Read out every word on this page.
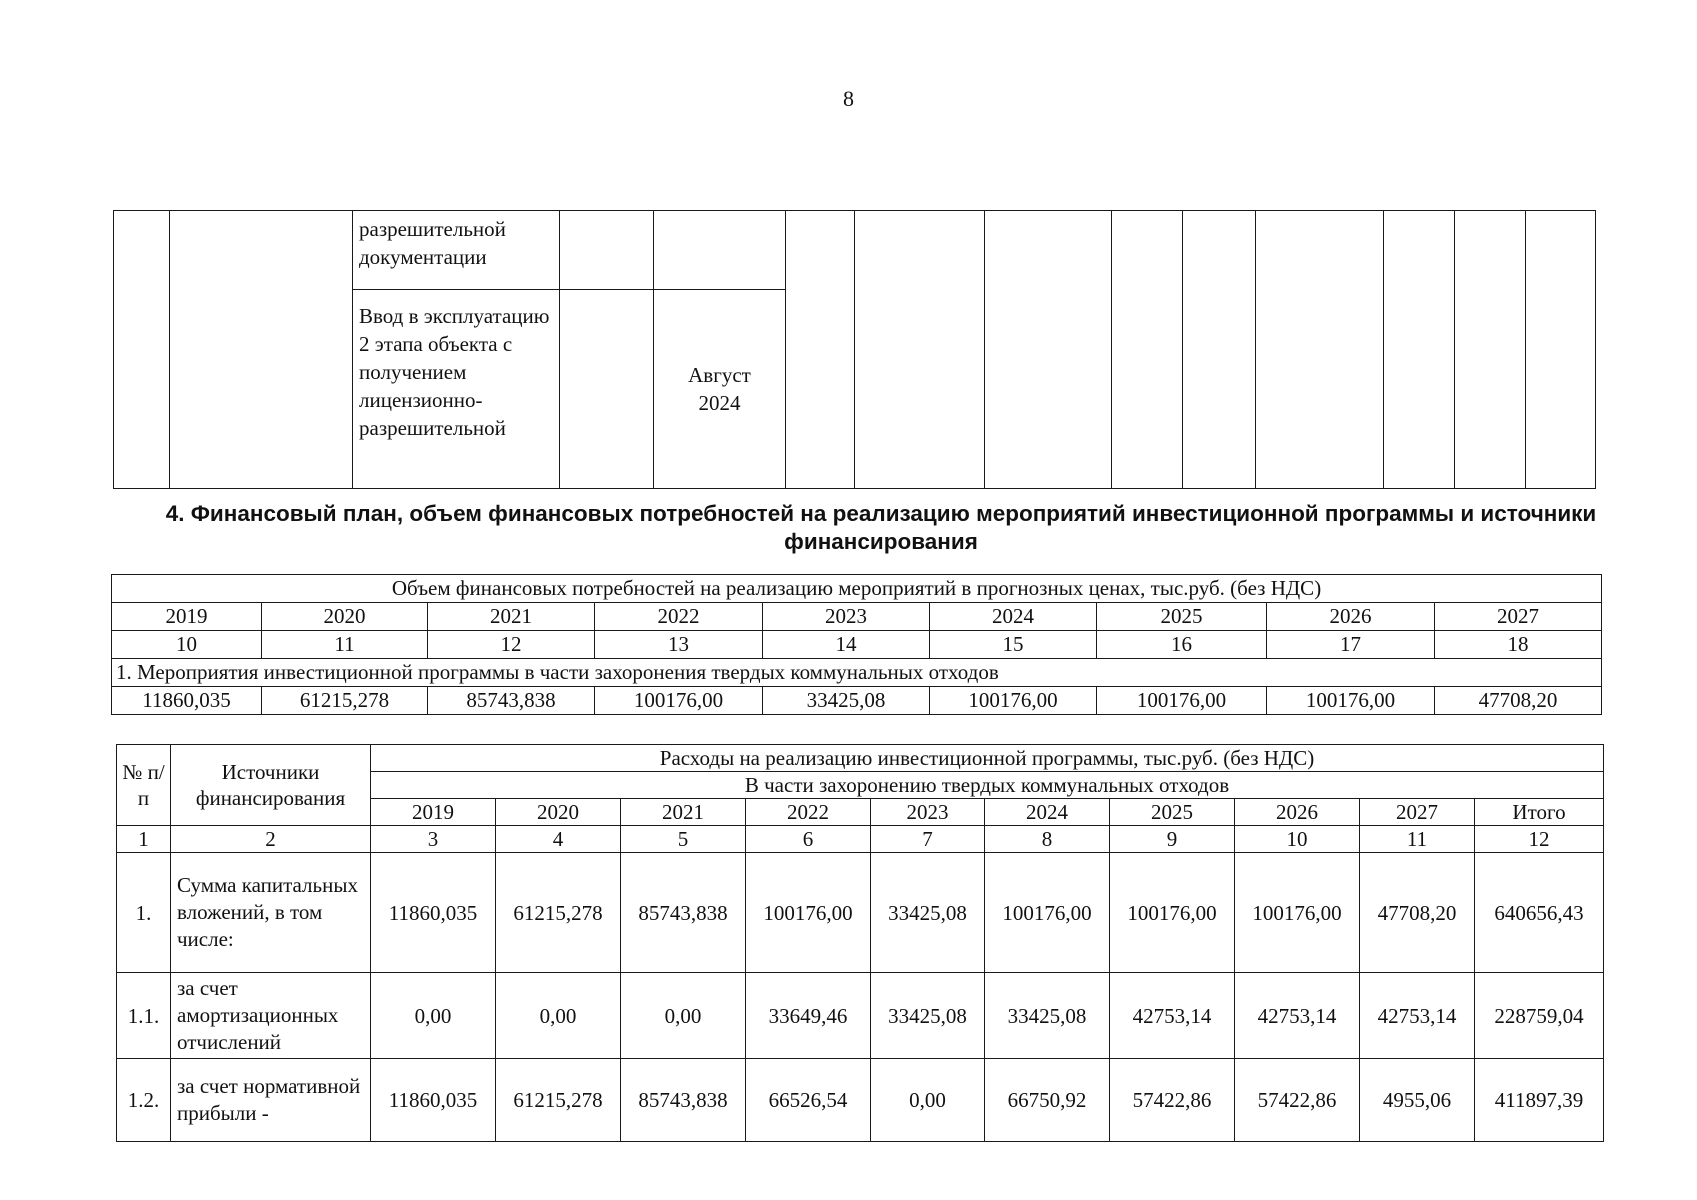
8
		разрешительной документации											
		Ввод в эксплуатацию 2 этапа объекта с получением лицензионно-разрешительной		Август 2024									
4. Финансовый план, объем финансовых потребностей на реализацию мероприятий инвестиционной программы и источники финансирования
Объем финансовых потребностей на реализацию мероприятий в прогнозных ценах, тыс.руб. (без НДС)								
2019	2020	2021	2022	2023	2024	2025	2026	2027
10	11	12	13	14	15	16	17	18
1. Мероприятия инвестиционной программы в части захоронения твердых коммунальных отходов								
11860,035	61215,278	85743,838	100176,00	33425,08	100176,00	100176,00	100176,00	47708,20
№ п/п	Источники финансирования	Расходы на реализацию инвестиционной программы, тыс.руб. (без НДС)									
		В части захоронению твердых коммунальных отходов									
		2019	2020	2021	2022	2023	2024	2025	2026	2027	Итого
1	2	3	4	5	6	7	8	9	10	11	12
1.	Сумма капитальных вложений, в том числе:	11860,035	61215,278	85743,838	100176,00	33425,08	100176,00	100176,00	100176,00	47708,20	640656,43
1.1.	за счет амортизационных отчислений	0,00	0,00	0,00	33649,46	33425,08	33425,08	42753,14	42753,14	42753,14	228759,04
1.2.	за счет нормативной прибыли -	11860,035	61215,278	85743,838	66526,54	0,00	66750,92	57422,86	57422,86	4955,06	411897,39
